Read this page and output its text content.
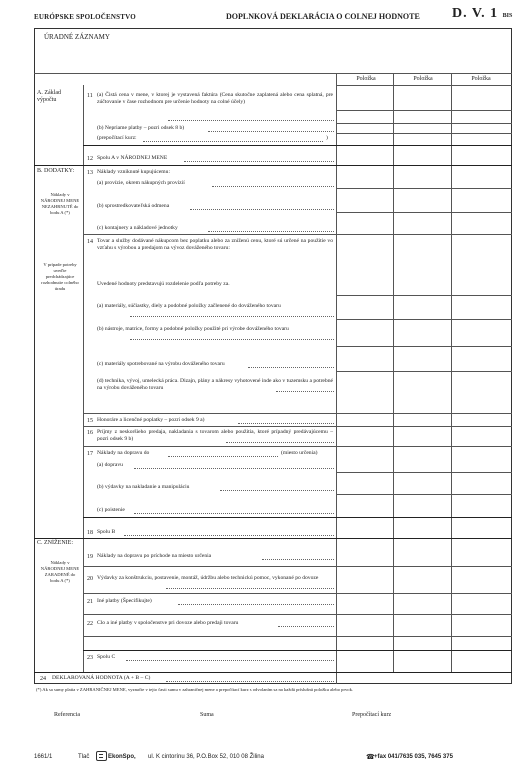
EURÓPSKE SPOLOČENSTVO	DOPLNKOVÁ DEKLARÁCIA O COLNEJ HODNOTE D. V. 1 BIS
ÚRADNÉ ZÁZNAMY
Položka	Položka	Položka
A. Základ výpočtu
11 (a) Čistá cena v mene, v ktorej je vystavená faktúra (Cena skutočne zaplatená alebo cena splatná, pre zúčtovanie v čase rozhodnom pre určenie hodnoty na colné účely)
(b) Nepriame platby – pozri odsek 8 b)
(prepočítací kurz:	)
12 Spolu A v NÁRODNEJ MENE
B. DODATKY:
Náklady v NÁRODNEJ MENE NEZAHRNUTÉ do bodu A (*)
V prípade potreby uveďte predchádzajúce rozhodnutie colného úradu
13 Náklady vzniknuté kupujúcemu:
(a) provízie, okrem nákupných provízií
(b) sprostredkovateľská odmena
(c) kontajnery a nákladové jednotky
14 Tovar a služby dodávané nákupcom bez poplatku alebo za zníženú cenu, ktoré sú určené na použitie vo vzťahu s výrobou a predajom na vývoz dováženého tovaru:
Uvedené hodnoty predstavujú rozdelenie podľa potreby za.
(a) materiály, súčiastky, diely a podobné položky začlenené do dováženého tovaru
(b) nástroje, matrice, formy a podobné položky použité pri výrobe dováženého tovaru
(c) materiály spotrebované na výrobu dováženého tovaru
(d) technika, vývoj, umelecká práca. Dizajn, plány a nákresy vyhotovené inde ako v tuzemsku a potrebné na výrobu dováženého tovaru
15 Honoráre a licenčné poplatky – pozri odsek 9 a)
16 Príjmy z neskoršieho predaja, nakladania s tovarom alebo použitia, ktoré prípadný predávajúcemu – pozri odsek 9 b)
17 Náklady na dopravu do	(miesto určenia)
(a) dopravu
(b) výdavky na nakladanie a manipuláciu
(c) poistenie
18 Spolu B
C. ZNÍŽENIE:
Náklady v NÁRODNEJ MENE ZARADENÉ do bodu A (*)
19 Náklady na dopravu po príchode na miesto určenia
20 Výdavky za konštrukciu, postavenie, montáž, údržbu alebo technickú pomoc, vykonané po dovoze
21 Iné platby (Špecifikujte)
22 Clo a iné platby v spoločenstve pri dovoze alebo predaji tovaru
23 Spolu C
24 DEKLAROVANÁ HODNOTA (A + B – C)
(*) Ak sa sumy platia v ZAHRANIČNEJ MENE, vyznačte v tejto časti sumu v zahraničnej mene a prepočítací kurz s odvolaním sa na každú príslušnú položku alebo prvok.
Referencia	Suma	Prepočítací kurz
1661/1	Tlač	EkonSpo, ul. K cintorínu 36, P.O.Box 52, 010 08 Žilina	☎ +fax 041/7635 035, 7645 375
